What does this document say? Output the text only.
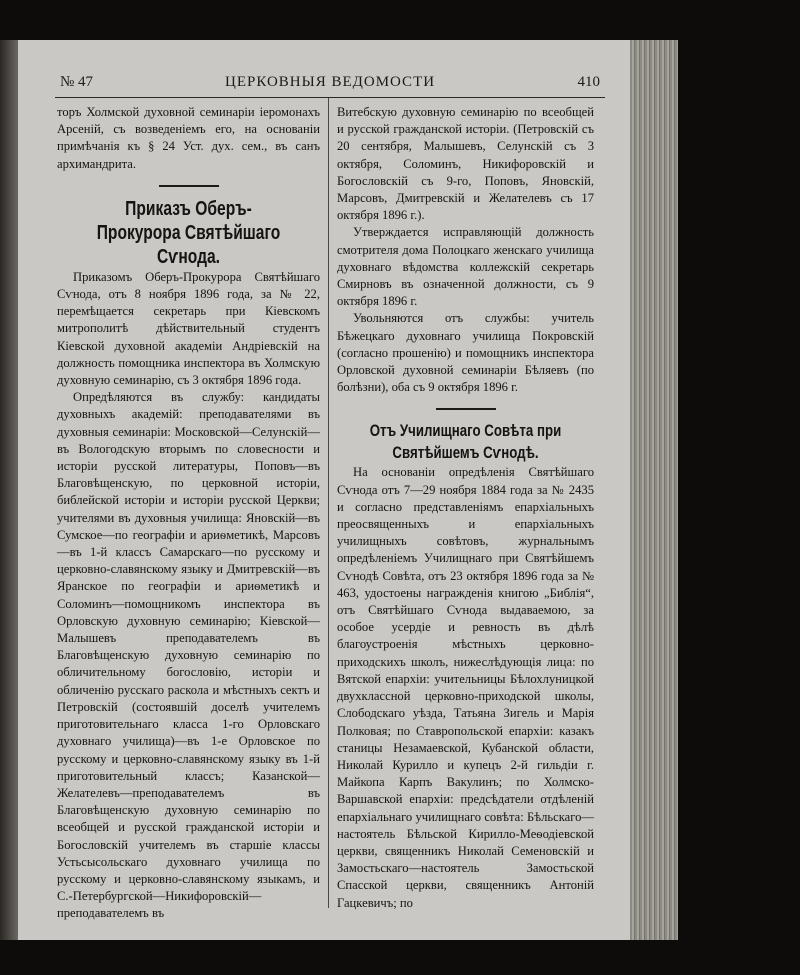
№ 47	ЦЕРКОВНЫЯ ВЕДОМОСТИ	410

торъ Холмской духовной семинаріи іеромонахъ Арсеній, съ возведеніемъ его, на основаніи примѣчанія къ § 24 Уст. дух. сем., въ санъ архимандрита.

Приказъ Оберъ-Прокурора Святѣйшаго Сѵнода.

Приказомъ Оберъ-Прокурора Святѣйшаго Сѵнода, отъ 8 ноября 1896 года, за № 22, перемѣщается секретарь при Кіевскомъ митрополитѣ дѣйствительный студентъ Кіевской духовной академіи Андріевскій на должность помощника инспектора въ Холмскую духовную семинарію, съ 3 октября 1896 года.

Опредѣляются въ службу: кандидаты духовныхъ академій: преподавателями въ духовныя семинаріи: Московской—Селунскій—въ Вологодскую вторымъ по словесности и исторіи русской литературы, Поповъ—въ Благовѣщенскую, по церковной исторіи, библейской исторіи и исторіи русской Церкви; учителями въ духовныя училища: Яновскій—въ Сумское—по географіи и ариѳметикѣ, Марсовъ—въ 1-й классъ Самарскаго—по русскому и церковно-славянскому языку и Дмитревскій—въ Яранское по географіи и ариѳметикѣ и Соломинъ—помощникомъ инспектора въ Орловскую духовную семинарію; Кіевской—Малышевъ преподавателемъ въ Благовѣщенскую духовную семинарію по обличительному богословію, исторіи и обличенію русскаго раскола и мѣстныхъ сектъ и Петровскій (состоявшій доселѣ учителемъ приготовительнаго класса 1-го Орловскаго духовнаго училища)—въ 1-е Орловское по русскому и церковно-славянскому языку въ 1-й приготовительный классъ; Казанской—Желателевъ—преподавателемъ въ Благовѣщенскую духовную семинарію по всеобщей и русской гражданской исторіи и Богословскій учителемъ въ старшіе классы Устьсысольскаго духовнаго училища по русскому и церковно-славянскому языкамъ, и С.-Петербургской—Никифоровскій—преподавателемъ въ

Витебскую духовную семинарію по всеобщей и русской гражданской исторіи. (Петровскій съ 20 сентября, Малышевъ, Селунскій съ 3 октября, Соломинъ, Никифоровскій и Богословскій съ 9-го, Поповъ, Яновскій, Марсовъ, Дмитревскій и Желателевъ съ 17 октября 1896 г.).

Утверждается исправляющій должность смотрителя дома Полоцкаго женскаго училища духовнаго вѣдомства коллежскій секретарь Смирновъ въ означенной должности, съ 9 октября 1896 г.

Увольняются отъ службы: учитель Бѣжецкаго духовнаго училища Покровскій (согласно прошенію) и помощникъ инспектора Орловской духовной семинаріи Бѣляевъ (по болѣзни), оба съ 9 октября 1896 г.

Отъ Училищнаго Совѣта при Святѣйшемъ Сѵнодѣ.

На основаніи опредѣленія Святѣйшаго Сѵнода отъ 7—29 ноября 1884 года за № 2435 и согласно представленіямъ епархіальныхъ преосвященныхъ и епархіальныхъ училищныхъ совѣтовъ, журнальнымъ опредѣленіемъ Училищнаго при Святѣйшемъ Сѵнодѣ Совѣта, отъ 23 октября 1896 года за № 463, удостоены награжденія книгою „Библія“, отъ Святѣйшаго Сѵнода выдаваемою, за особое усердіе и ревность въ дѣлѣ благоустроенія мѣстныхъ церковно-приходскихъ школъ, нижеслѣдующія лица: по Вятской епархіи: учительницы Бѣлохлуницкой двухклассной церковно-приходской школы, Слободскаго уѣзда, Татьяна Зигель и Марія Полковая; по Ставропольской епархіи: казакъ станицы Незамаевской, Кубанской области, Николай Курилло и купецъ 2-й гильдіи г. Майкопа Карпъ Вакулинъ; по Холмско-Варшавской епархіи: предсѣдатели отдѣленій епархіальнаго училищнаго совѣта: Бѣльскаго—настоятель Бѣльской Кирилло-Меѳодіевской церкви, священникъ Николай Семеновскій и Замостьскаго—настоятель Замостьской Спасской церкви, священникъ Антоній Гацкевичъ; по
